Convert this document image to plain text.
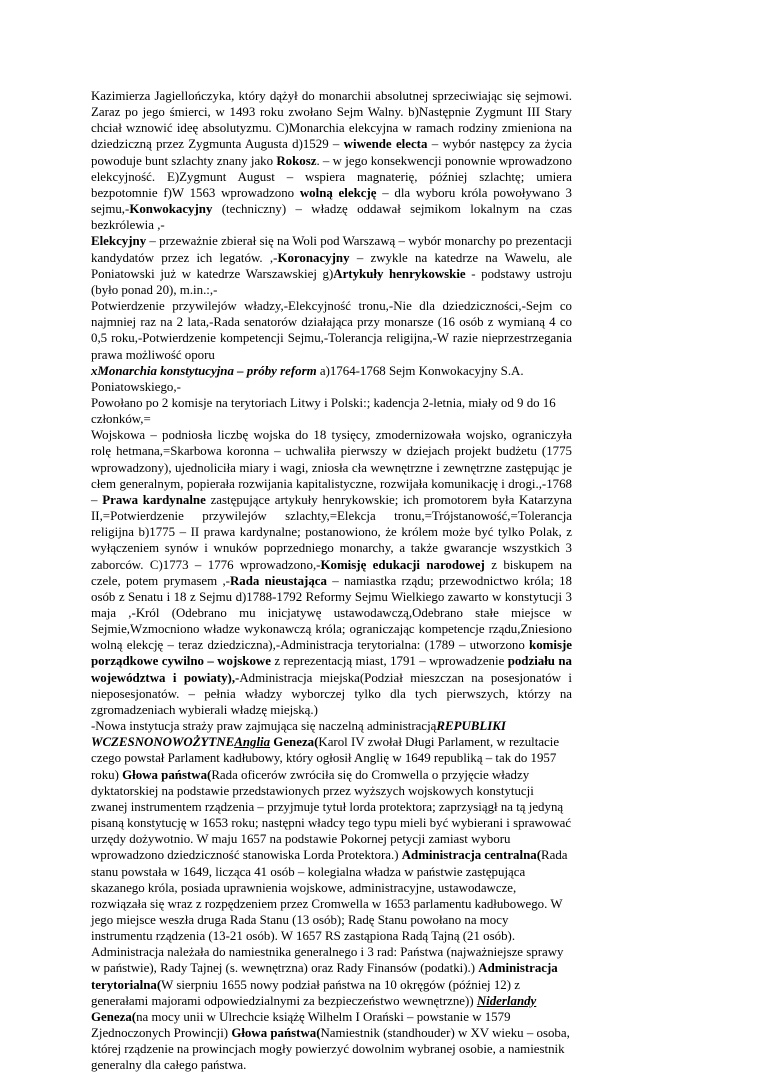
Kazimierza Jagiellończyka, który dążył do monarchii absolutnej sprzeciwiając się sejmowi. Zaraz po jego śmierci, w 1493 roku zwołano Sejm Walny. b)Następnie Zygmunt III Stary chciał wznowić ideę absolutyzmu. C)Monarchia elekcyjna w ramach rodziny zmieniona na dziedziczną przez Zygmunta Augusta d)1529 – wiwende electa – wybór następcy za życia powoduje bunt szlachty znany jako Rokosz. – w jego konsekwencji ponownie wprowadzono elekcyjność. E)Zygmunt August – wspiera magnaterię, później szlachtę; umiera bezpotomnie f)W 1563 wprowadzono wolną elekcję – dla wyboru króla powoływano 3 sejmu,-Konwokacyjny (techniczny) – władzę oddawał sejmikom lokalnym na czas bezkrólewia ,-

Elekcyjny – przeważnie zbierał się na Woli pod Warszawą – wybór monarchy po prezentacji kandydatów przez ich legatów. ,-Koronacyjny – zwykle na katedrze na Wawelu, ale Poniatowski już w katedrze Warszawskiej g)Artykuły henrykowskie - podstawy ustroju (było ponad 20), m.in.:,-

Potwierdzenie przywilejów władzy,-Elekcyjność tronu,-Nie dla dziedziczności,-Sejm co najmniej raz na 2 lata,-Rada senatorów działająca przy monarsze (16 osób z wymianą 4 co 0,5 roku,-Potwierdzenie kompetencji Sejmu,-Tolerancja religijna,-W razie nieprzestrzegania prawa możliwość oporu

xMonarchia konstytucyjna – próby reform a)1764-1768 Sejm Konwokacyjny S.A. Poniatowskiego,-

Powołano po 2 komisje na terytoriach Litwy i Polski:; kadencja 2-letnia, miały od 9 do 16 członków,=

Wojskowa – podniosła liczbę wojska do 18 tysięcy, zmodernizowała wojsko, ograniczyła rolę hetmana,=Skarbowa koronna – uchwaliła pierwszy w dziejach projekt budżetu (1775 wprowadzony), ujednoliciła miary i wagi, zniosła cła wewnętrzne i zewnętrzne zastępując je cłem generalnym, popierała rozwijania kapitalistyczne, rozwijała komunikację i drogi.,-1768 – Prawa kardynalne zastępujące artykuły henrykowskie; ich promotorem była Katarzyna II,=Potwierdzenie przywilejów szlachty,=Elekcja tronu,=Trójstanowość,=Tolerancja religijna b)1775 – II prawa kardynalne; postanowiono, że królem może być tylko Polak, z wyłączeniem synów i wnuków poprzedniego monarchy, a także gwarancje wszystkich 3 zaborców. C)1773 – 1776 wprowadzono,-Komisję edukacji narodowej z biskupem na czele, potem prymasem ,-Rada nieustająca – namiastka rządu; przewodnictwo króla; 18 osób z Senatu i 18 z Sejmu d)1788-1792 Reformy Sejmu Wielkiego zawarto w konstytucji 3 maja ,-Król (Odebrano mu inicjatywę ustawodawczą,Odebrano stałe miejsce w Sejmie,Wzmocniono władze wykonawczą króla; ograniczając kompetencje rządu,Zniesiono wolną elekcję – teraz dziedziczna),-Administracja terytorialna: (1789 – utworzono komisje porządkowe cywilno – wojskowe z reprezentacją miast, 1791 – wprowadzenie podziału na województwa i powiaty),-Administracja miejska(Podział mieszczan na posesjonatów i nieposesjonatów. – pełnia władzy wyborczej tylko dla tych pierwszych, którzy na zgromadzeniach wybierali władzę miejską.)

-Nowa instytucja straży praw zajmująca się naczelną administracjąREPUBLIKI WCZESNONOWOŻYTNEAnglia Geneza(Karol IV zwołał Długi Parlament, w rezultacie czego powstał Parlament kadłubowy, który ogłosił Anglię w 1649 republiką – tak do 1957 roku) Głowa państwa(Rada oficerów zwróciła się do Cromwella o przyjęcie władzy dyktatorskiej na podstawie przedstawionych przez wyższych wojskowych konstytucji zwanej instrumentem rządzenia – przyjmuje tytuł lorda protektora; zaprzysiągł na tą jedyną pisaną konstytucję w 1653 roku; następni władcy tego typu mieli być wybierani i sprawować urzędy dożywotnio. W maju 1657 na podstawie Pokornej petycji zamiast wyboru wprowadzono dziedziczność stanowiska Lorda Protektora.) Administracja centralna(Rada stanu powstała w 1649, licząca 41 osób – kolegialna władza w państwie zastępująca skazanego króla, posiada uprawnienia wojskowe, administracyjne, ustawodawcze, rozwiązała się wraz z rozpędzeniem przez Cromwella w 1653 parlamentu kadłubowego. W jego miejsce weszła druga Rada Stanu (13 osób); Radę Stanu powołano na mocy instrumentu rządzenia (13-21 osób). W 1657 RS zastąpiona Radą Tajną (21 osób). Administracja należała do namiestnika generalnego i 3 rad: Państwa (najważniejsze sprawy w państwie), Rady Tajnej (s. wewnętrzna) oraz Rady Finansów (podatki).) Administracja terytorialna(W sierpniu 1655 nowy podział państwa na 10 okręgów (później 12) z generałami majorami odpowiedzialnymi za bezpieczeństwo wewnętrzne)) Niderlandy Geneza(na mocy unii w Ulrechcie książę Wilhelm I Orański – powstanie w 1579 Zjednoczonych Prowincji) Głowa państwa(Namiestnik (standhouder) w XV wieku – osoba, której rządzenie na prowincjach mogły powierzyć dowolnim wybranej osobie, a namiestnik generalny dla całego państwa.
